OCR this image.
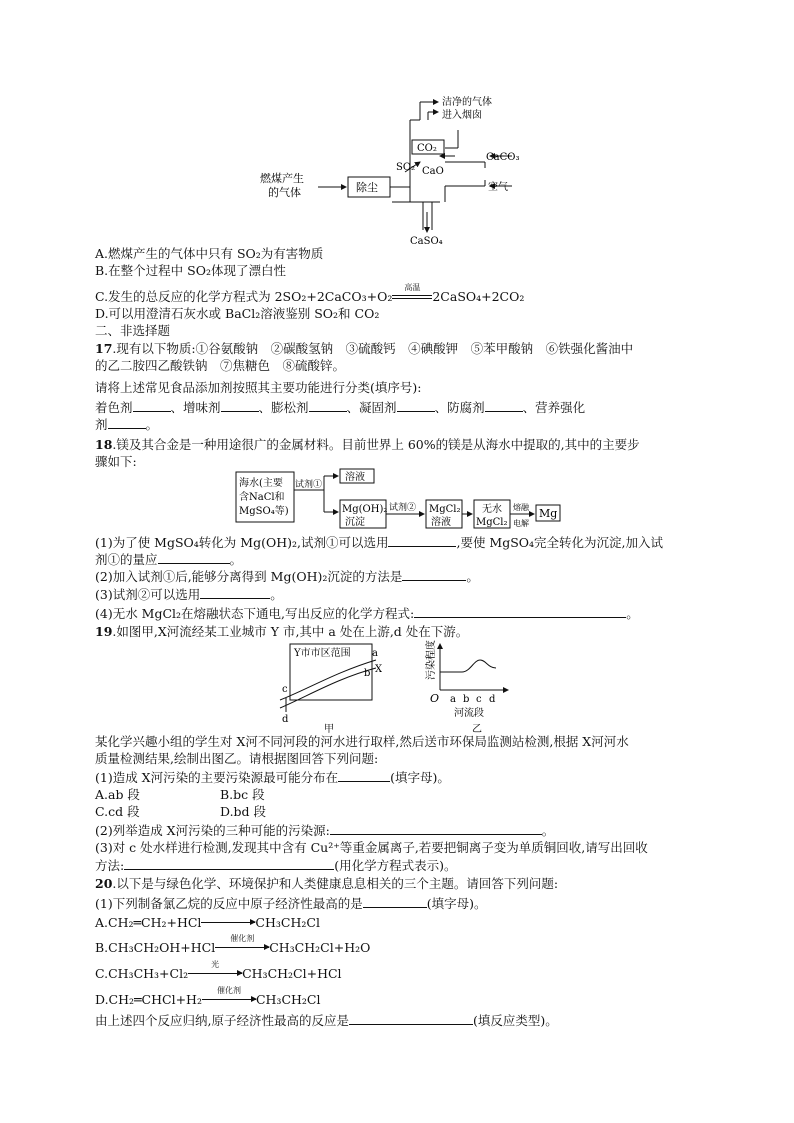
燃煤产生
的气体	除尘
洁净的气体
进入烟囱
CO₂
SO₂ CaO
CaCO₃
空气
CaSO₄
A.燃煤产生的气体中只有 SO₂为有害物质
B.在整个过程中 SO₂体现了漂白性
C.发生的总反应的化学方程式为 2SO₂+2CaCO₃+O₂
高温
2CaSO₄+2CO₂
D.可以用澄清石灰水或 BaCl₂溶液鉴别 SO₂和 CO₂
二、非选择题
17.现有以下物质:①谷氨酸钠　②碳酸氢钠　③硫酸钙　④碘酸钾　⑤苯甲酸钠　⑥铁强化酱油中
的乙二胺四乙酸铁钠　⑦焦糖色　⑧硫酸锌。
请将上述常见食品添加剂按照其主要功能进行分类(填序号):
着色剂	、增味剂	、膨松剂	、凝固剂	、防腐剂	、营养强化
剂	。
18.镁及其合金是一种用途很广的金属材料。目前世界上 60%的镁是从海水中提取的,其中的主要步
骤如下:
海水(主要
含NaCl和
MgSO₄等)
试剂①
溶液
Mg(OH)₂
沉淀
试剂② MgCl₂
溶液
无水
MgCl₂
熔融
电解
Mg
(1)为了使 MgSO₄转化为 Mg(OH)₂,试剂①可以选用	,要使 MgSO₄完全转化为沉淀,加入试
剂①的量应	。
(2)加入试剂①后,能够分离得到 Mg(OH)₂沉淀的方法是	。
(3)试剂②可以选用	。
(4)无水 MgCl₂在熔融状态下通电,写出反应的化学方程式:	。
19.如图甲,X河流经某工业城市 Y 市,其中 a 处在上游,d 处在下游。
Y市市区范围 a
X
b
c
d
甲
污染程度
O a b c d
河流段
乙
某化学兴趣小组的学生对 X河不同河段的河水进行取样,然后送市环保局监测站检测,根据 X河河水
质量检测结果,绘制出图乙。请根据图回答下列问题:
(1)造成 X河污染的主要污染源最可能分布在	(填字母)。
A.ab 段	B.bc 段
C.cd 段	D.bd 段
(2)列举造成 X河污染的三种可能的污染源:	。
(3)对 c 处水样进行检测,发现其中含有 Cu²⁺等重金属离子,若要把铜离子变为单质铜回收,请写出回收
方法:	(用化学方程式表示)。
20.以下是与绿色化学、环境保护和人类健康息息相关的三个主题。请回答下列问题:
(1)下列制备氯乙烷的反应中原子经济性最高的是	(填字母)。
A.CH₂═CH₂+HCl	CH₃CH₂Cl
B.CH₃CH₂OH+HCl
催化剂
CH₃CH₂Cl+H₂O
C.CH₃CH₃+Cl₂
光
CH₃CH₂Cl+HCl
D.CH₂═CHCl+H₂
催化剂
CH₃CH₂Cl
由上述四个反应归纳,原子经济性最高的反应是	(填反应类型)。
